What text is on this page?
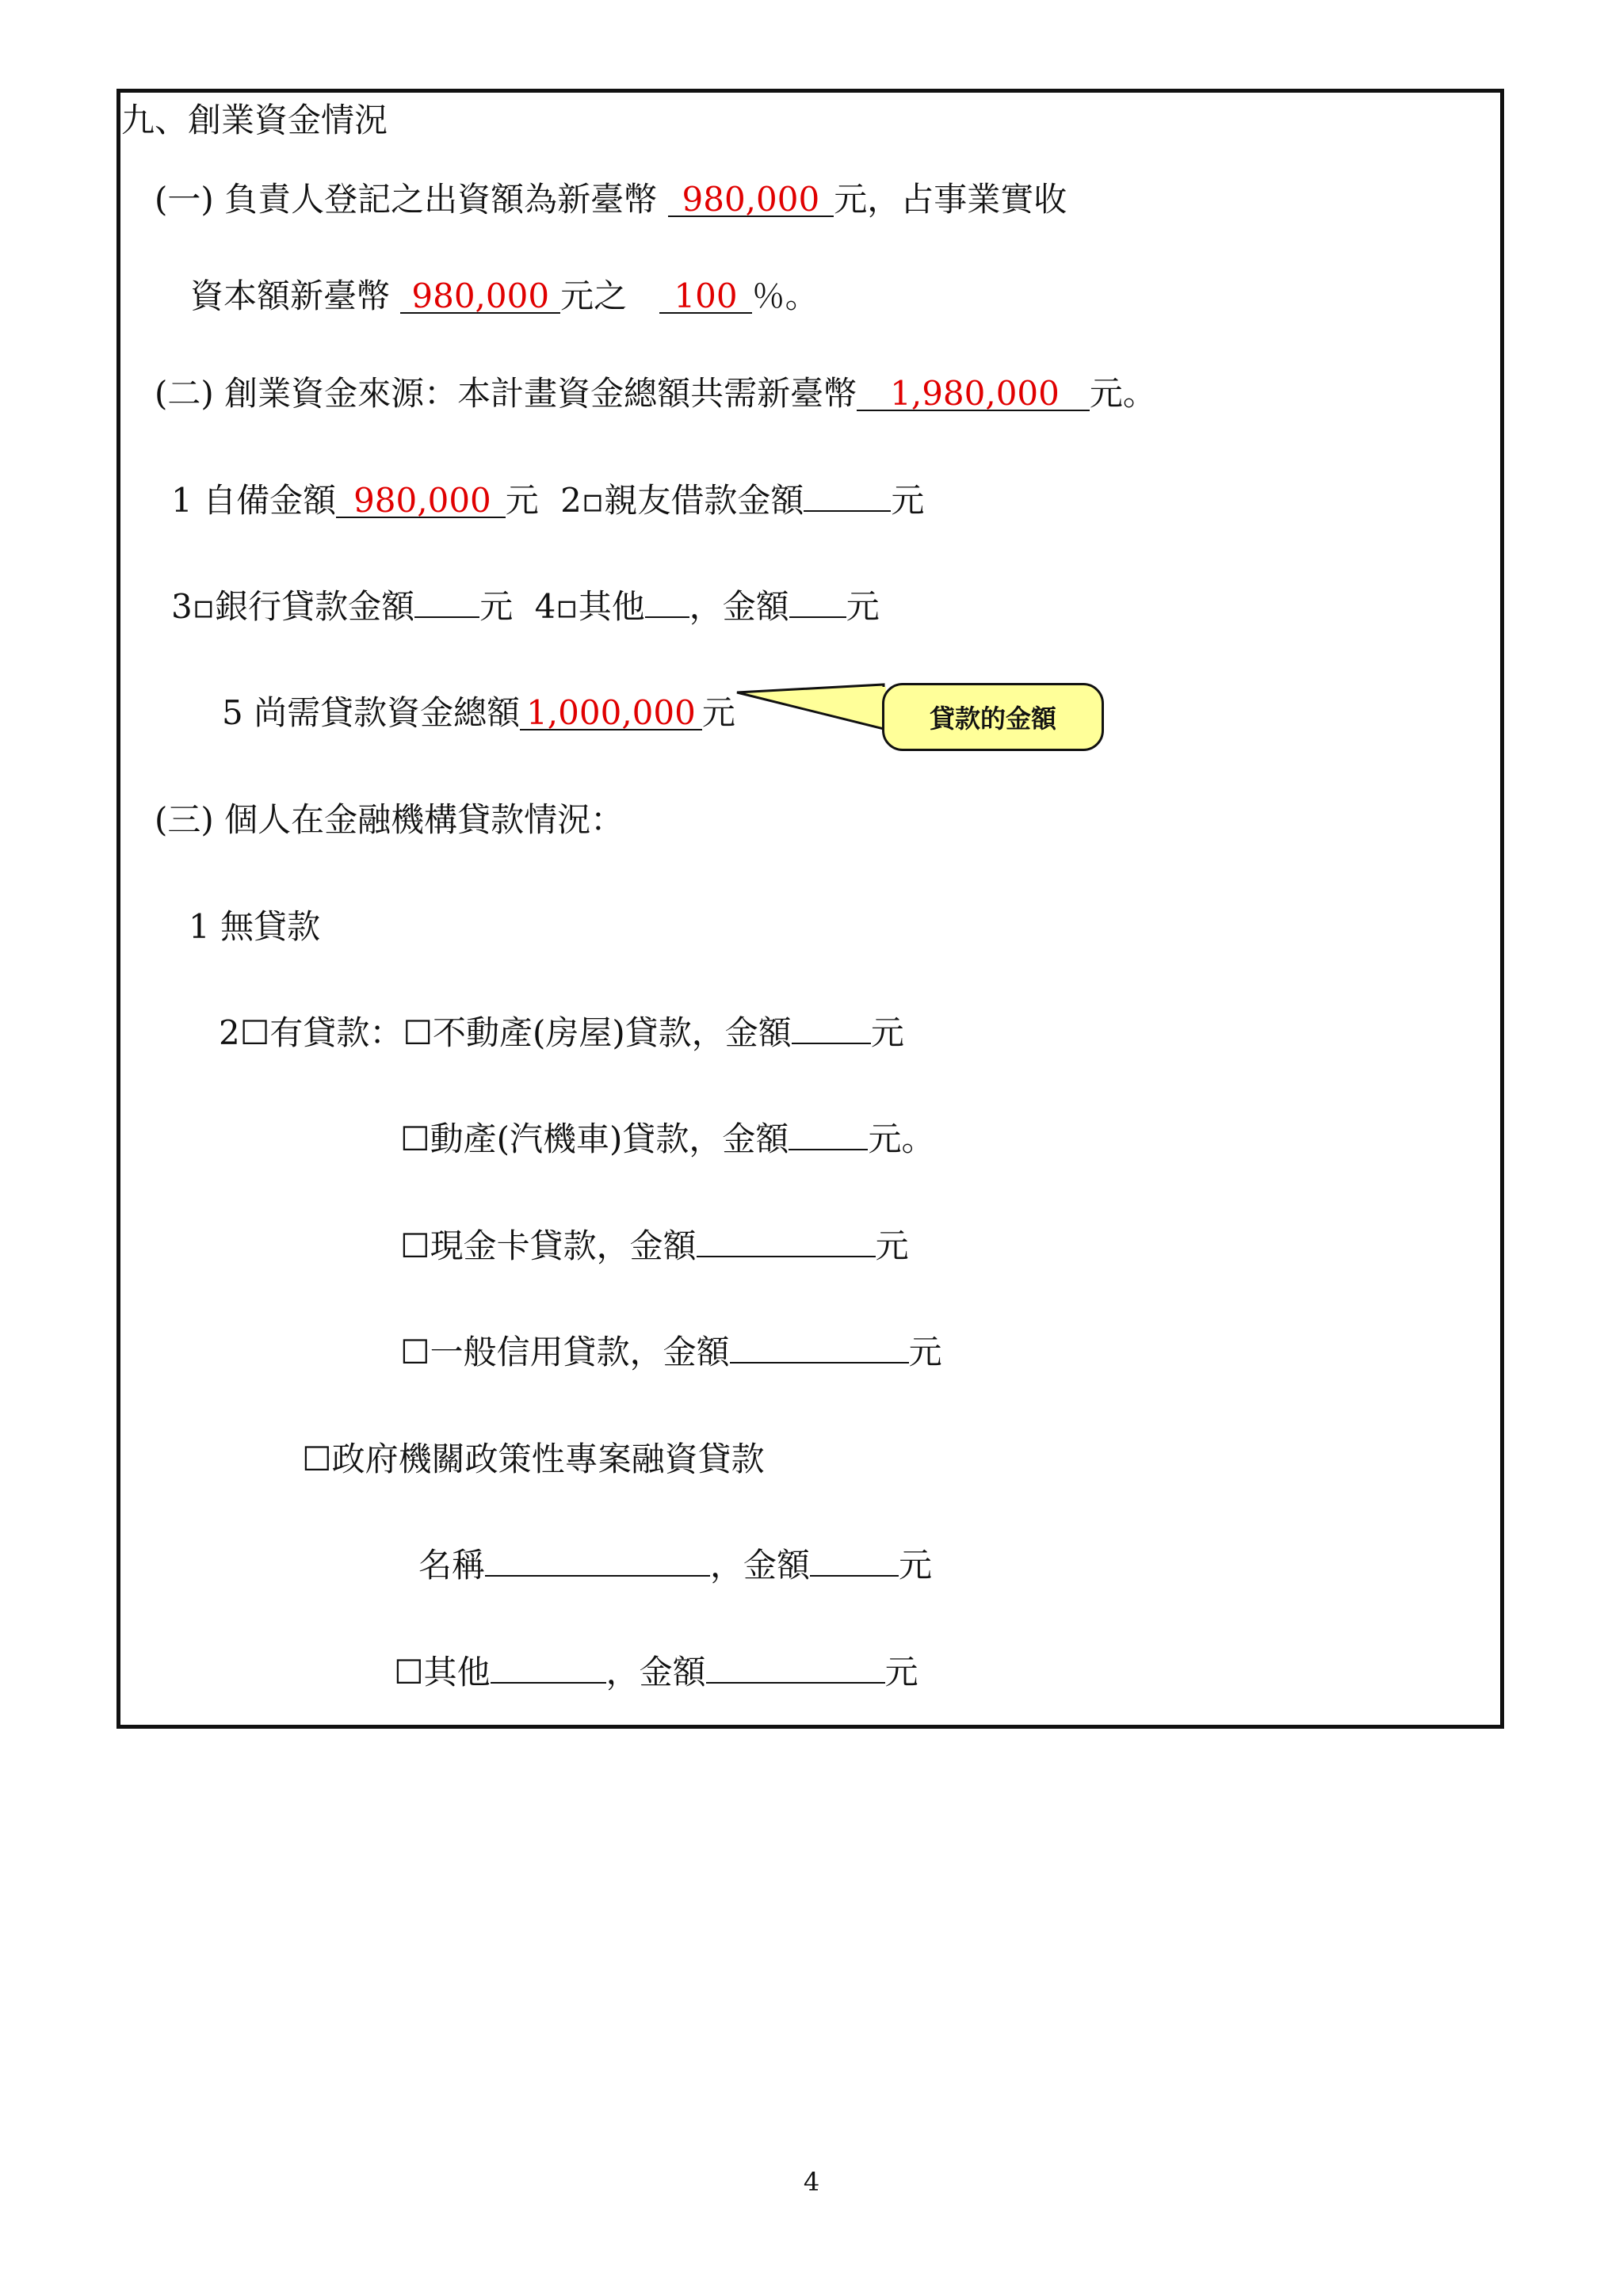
九、創業資金情況
(一) 負責人登記之出資額為新臺幣 980,000 元，占事業實收
資本額新臺幣 980,000 元之 100 ％。
(二) 創業資金來源：本計畫資金總額共需新臺幣 1,980,000 元。
1 自備金額 980,000 元 2▫親友借款金額	元
3▫銀行貸款金額 元 4▫其他 ，金額 元
5 尚需貸款資金總額 1,000,000 元	貸款的金額
(三) 個人在金融機構貸款情況：
1 無貸款
2☐有貸款：☐不動產(房屋)貸款，金額 元
☐動產(汽機車)貸款，金額 元。
☐現金卡貸款，金額	元
☐一般信用貸款，金額	元
☐政府機關政策性專案融資貸款
名稱	，金額	元
☐其他	，金額	元
4
